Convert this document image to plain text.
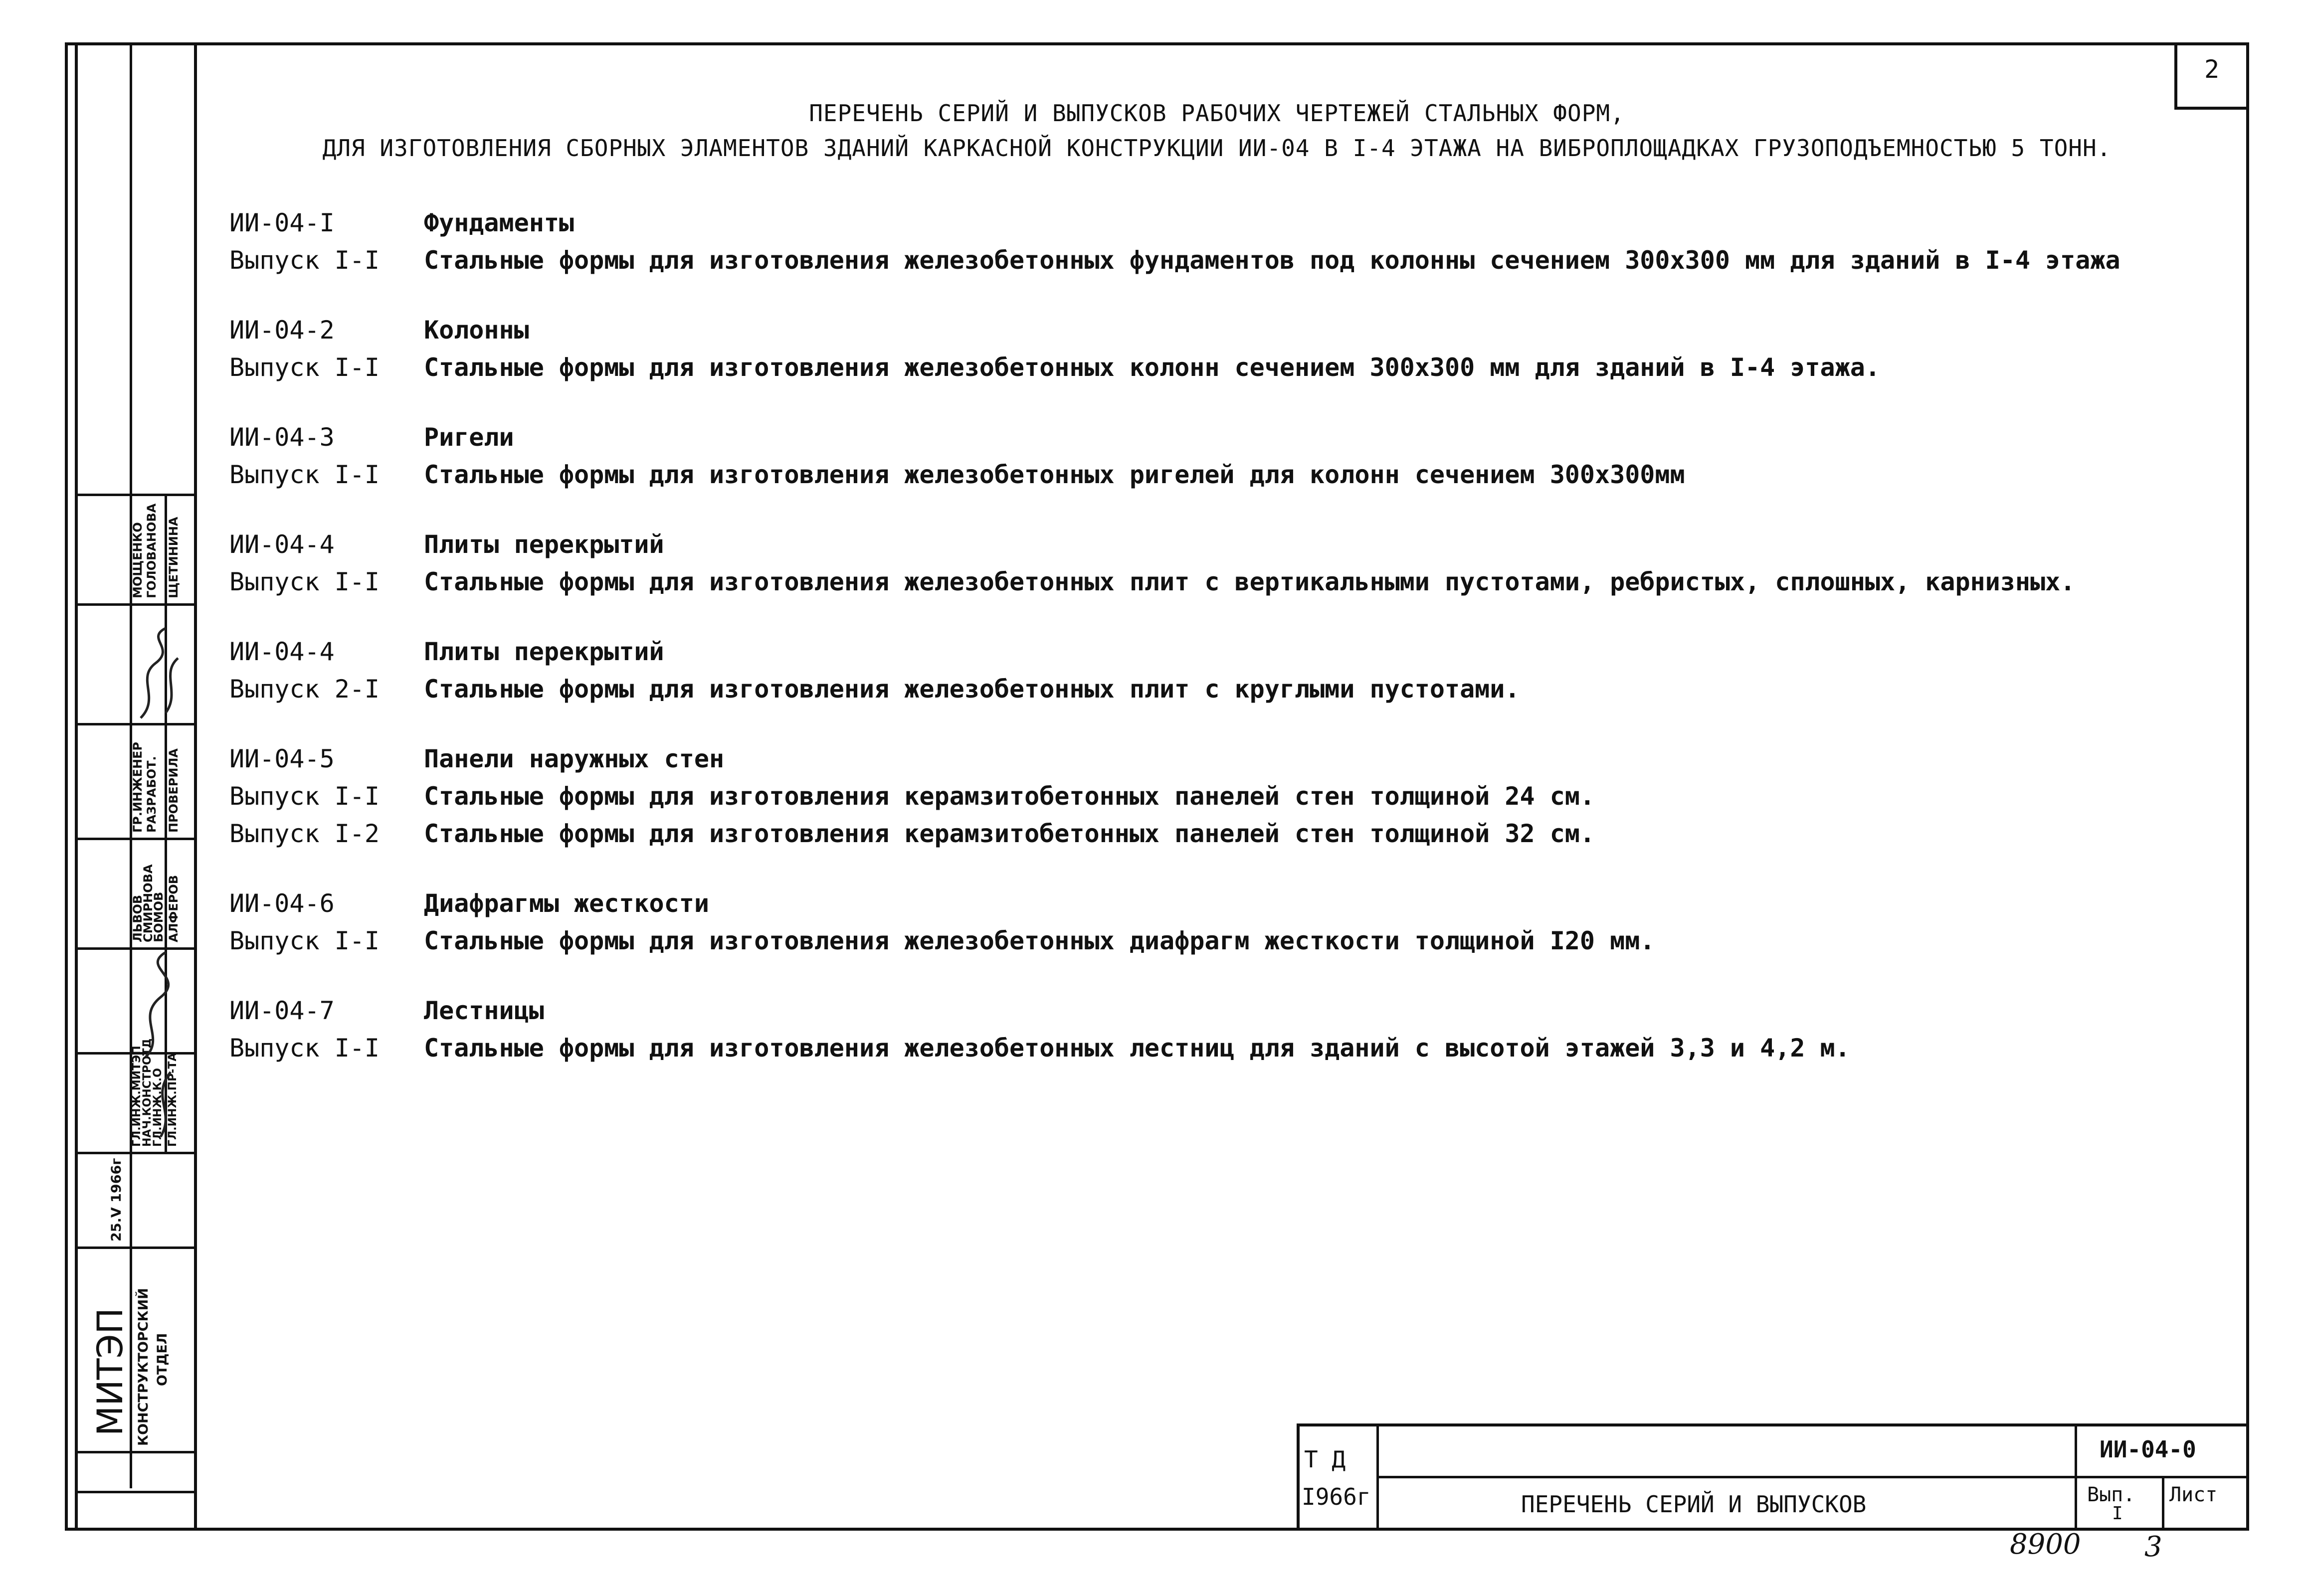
2
ПЕРЕЧЕНЬ СЕРИЙ И ВЫПУСКОВ РАБОЧИХ ЧЕРТЕЖЕЙ СТАЛЬНЫХ ФОРМ,
ДЛЯ ИЗГОТОВЛЕНИЯ СБОРНЫХ ЭЛАМЕНТОВ ЗДАНИЙ КАРКАСНОЙ КОНСТРУКЦИИ ИИ-04 В I-4 ЭТАЖА НА ВИБРОПЛОЩАДКАХ ГРУЗОПОДЪЕМНОСТЬЮ 5 ТОНН.
ИИ-04-I	Фундаменты
Выпуск I-I	Стальные формы для изготовления железобетонных фундаментов под колонны сечением 300х300 мм для зданий в I-4 этажа
ИИ-04-2	Колонны
Выпуск I-I	Стальные формы для изготовления железобетонных колонн сечением 300х300 мм для зданий в I-4 этажа.
ИИ-04-3	Ригели
Выпуск I-I	Стальные формы для изготовления железобетонных ригелей для колонн сечением 300х300мм
ИИ-04-4	Плиты перекрытий
Выпуск I-I	Стальные формы для изготовления железобетонных плит с вертикальными пустотами, ребристых, сплошных, карнизных.
ИИ-04-4	Плиты перекрытий
Выпуск 2-I	Стальные формы для изготовления железобетонных плит с круглыми пустотами.
ИИ-04-5	Панели наружных стен
Выпуск I-I	Стальные формы для изготовления керамзитобетонных панелей стен толщиной 24 см.
Выпуск I-2	Стальные формы для изготовления керамзитобетонных панелей стен толщиной 32 см.
ИИ-04-6	Диафрагмы жесткости
Выпуск I-I	Стальные формы для изготовления железобетонных диафрагм жесткости толщиной I20 мм.
ИИ-04-7	Лестницы
Выпуск I-I	Стальные формы для изготовления железобетонных лестниц для зданий с высотой этажей 3,3 и 4,2 м.
МИТЭП КОНСТРУКТОРСКИЙ ОТДЕЛ
25.V 1966г
ГЛ.ИНЖ.МИТЭП
НАЧ.КОНСТРОТД
ГЛ.ИНЖ.К.О ГЛ.ИНЖ.ПР-ТА
ЛЬВОВ
СМИРНОВА
БОМОВ АЛФЕРОВ
ГР.ИНЖЕНЕР РАЗРАБОТ. ПРОВЕРИЛА
МОЩЕНКО ГОЛОВАНОВА ЩЕТИНИНА
Т Д
I966г
ИИ-04-0
ПЕРЕЧЕНЬ СЕРИЙ И ВЫПУСКОВ	Вып.
I
Лист
8900 3
